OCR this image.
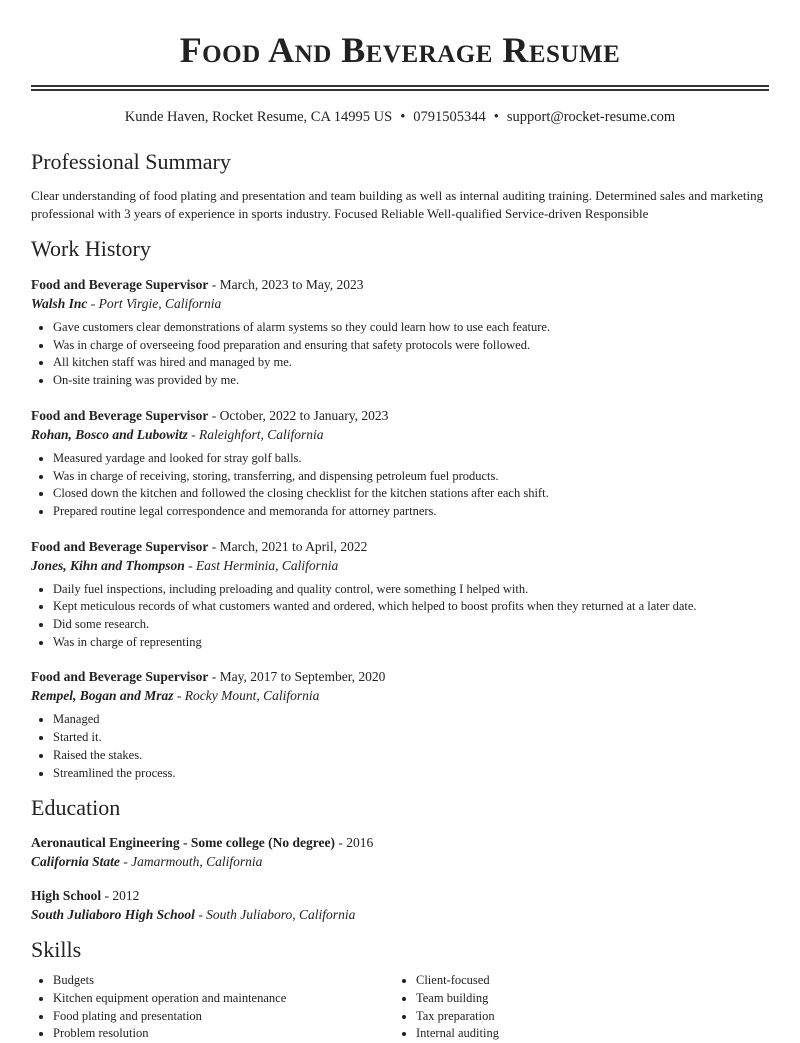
Food And Beverage Resume
Kunde Haven, Rocket Resume, CA 14995 US • 0791505344 • support@rocket-resume.com
Professional Summary
Clear understanding of food plating and presentation and team building as well as internal auditing training. Determined sales and marketing professional with 3 years of experience in sports industry. Focused Reliable Well-qualified Service-driven Responsible
Work History
Food and Beverage Supervisor - March, 2023 to May, 2023
Walsh Inc - Port Virgie, California
• Gave customers clear demonstrations of alarm systems so they could learn how to use each feature.
• Was in charge of overseeing food preparation and ensuring that safety protocols were followed.
• All kitchen staff was hired and managed by me.
• On-site training was provided by me.
Food and Beverage Supervisor - October, 2022 to January, 2023
Rohan, Bosco and Lubowitz - Raleighfort, California
• Measured yardage and looked for stray golf balls.
• Was in charge of receiving, storing, transferring, and dispensing petroleum fuel products.
• Closed down the kitchen and followed the closing checklist for the kitchen stations after each shift.
• Prepared routine legal correspondence and memoranda for attorney partners.
Food and Beverage Supervisor - March, 2021 to April, 2022
Jones, Kihn and Thompson - East Herminia, California
• Daily fuel inspections, including preloading and quality control, were something I helped with.
• Kept meticulous records of what customers wanted and ordered, which helped to boost profits when they returned at a later date.
• Did some research.
• Was in charge of representing
Food and Beverage Supervisor - May, 2017 to September, 2020
Rempel, Bogan and Mraz - Rocky Mount, California
• Managed
• Started it.
• Raised the stakes.
• Streamlined the process.
Education
Aeronautical Engineering - Some college (No degree) - 2016
California State - Jamarmouth, California
High School - 2012
South Juliaboro High School - South Juliaboro, California
Skills
• Budgets
• Kitchen equipment operation and maintenance
• Food plating and presentation
• Problem resolution
• Client-focused
• Team building
• Tax preparation
• Internal auditing
